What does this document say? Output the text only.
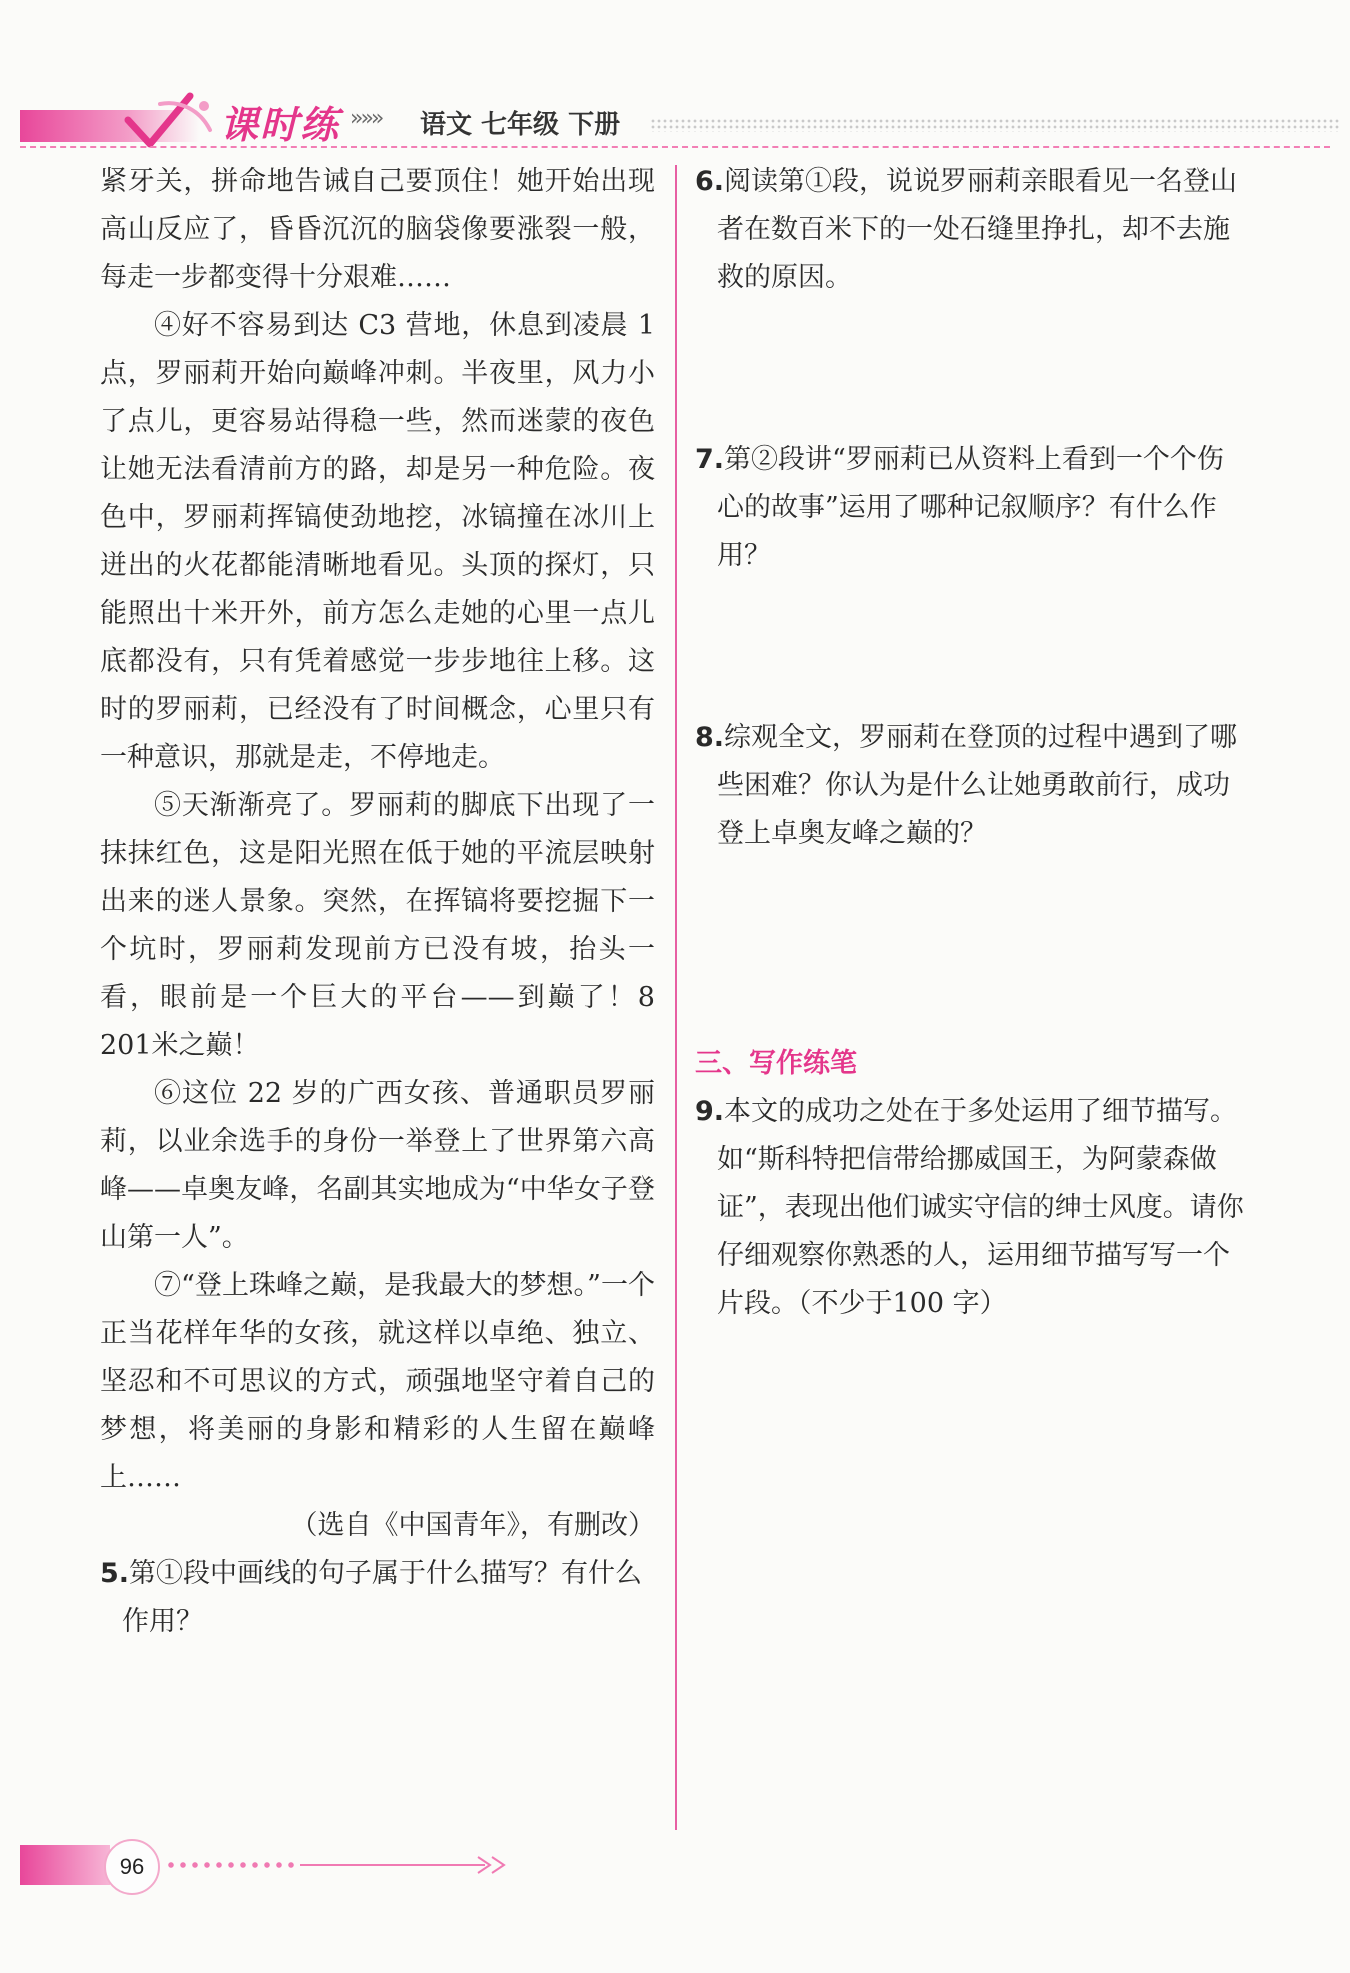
课时练 »»» 语文 七年级 下册

紧牙关，拼命地告诫自己要顶住！她开始出现高山反应了，昏昏沉沉的脑袋像要涨裂一般，每走一步都变得十分艰难……

④好不容易到达 C3 营地，休息到凌晨 1点，罗丽莉开始向巅峰冲刺。半夜里，风力小了点儿，更容易站得稳一些，然而迷蒙的夜色让她无法看清前方的路，却是另一种危险。夜色中，罗丽莉挥镐使劲地挖，冰镐撞在冰川上迸出的火花都能清晰地看见。头顶的探灯，只能照出十米开外，前方怎么走她的心里一点儿底都没有，只有凭着感觉一步步地往上移。这时的罗丽莉，已经没有了时间概念，心里只有一种意识，那就是走，不停地走。

⑤天渐渐亮了。罗丽莉的脚底下出现了一抹抹红色，这是阳光照在低于她的平流层映射出来的迷人景象。突然，在挥镐将要挖掘下一个坑时，罗丽莉发现前方已没有坡，抬头一看，眼前是一个巨大的平台——到巅了！8 201米之巅！

⑥这位 22 岁的广西女孩、普通职员罗丽莉，以业余选手的身份一举登上了世界第六高峰——卓奥友峰，名副其实地成为“中华女子登山第一人”。

⑦“登上珠峰之巅，是我最大的梦想。”一个正当花样年华的女孩，就这样以卓绝、独立、坚忍和不可思议的方式，顽强地坚守着自己的梦想，将美丽的身影和精彩的人生留在巅峰上……

（选自《中国青年》，有删改）

5.第①段中画线的句子属于什么描写？有什么
作用？
6.阅读第①段，说说罗丽莉亲眼看见一名登山
者在数百米下的一处石缝里挣扎，却不去施救的原因。
7.第②段讲“罗丽莉已从资料上看到一个个伤
心的故事”运用了哪种记叙顺序？有什么作用？
8.综观全文，罗丽莉在登顶的过程中遇到了哪
些困难？你认为是什么让她勇敢前行，成功登上卓奥友峰之巅的？
三、写作练笔
9.本文的成功之处在于多处运用了细节描写。
如“斯科特把信带给挪威国王，为阿蒙森做证”，表现出他们诚实守信的绅士风度。请你仔细观察你熟悉的人，运用细节描写写一个片段。（不少于100 字）
96
